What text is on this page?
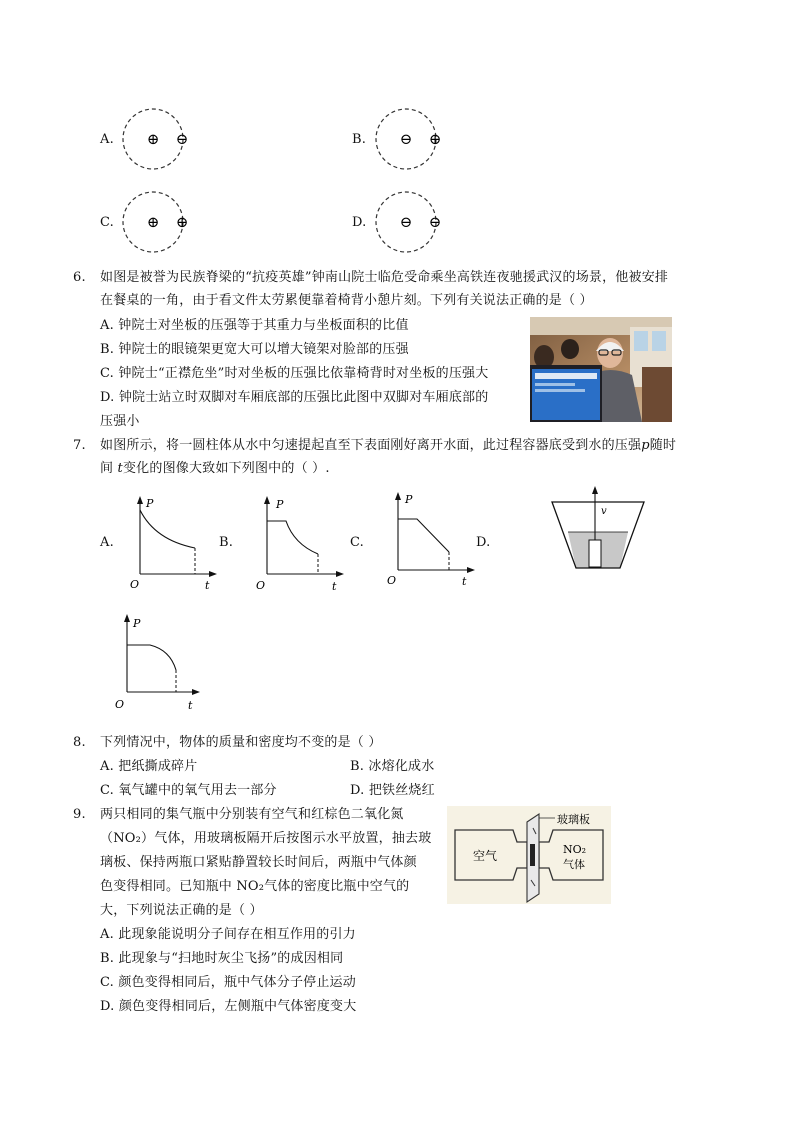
A. ⊕ ⊖	B. ⊖ ⊕
C. ⊕ ⊕	D. ⊖ ⊖
6. 如图是被誉为民族脊梁的“抗疫英雄”钟南山院士临危受命乘坐高铁连夜驰援武汉的场景，他被安排
在餐桌的一角，由于看文件太劳累便靠着椅背小憩片刻。下列有关说法正确的是（ ）
A. 钟院士对坐板的压强等于其重力与坐板面积的比值
B. 钟院士的眼镜架更宽大可以增大镜架对脸部的压强
C. 钟院士“正襟危坐”时对坐板的压强比依靠椅背时对坐板的压强大
D. 钟院士站立时双脚对车厢底部的压强比此图中双脚对车厢底部的
压强小
7. 如图所示，将一圆柱体从水中匀速提起直至下表面刚好离开水面，此过程容器底受到水的压强p随时
间 t变化的图像大致如下列图中的（ ）.
A.	B.	C.	D.
P
O	t
P
O	t
P
O	t
v
P
O	t
8. 下列情况中，物体的质量和密度均不变的是（ ）
A. 把纸撕成碎片	B. 冰熔化成水
C. 氧气罐中的氧气用去一部分	D. 把铁丝烧红
9. 两只相同的集气瓶中分别装有空气和红棕色二氧化氮
（NO₂）气体，用玻璃板隔开后按图示水平放置，抽去玻
璃板、保持两瓶口紧贴静置较长时间后，两瓶中气体颜
色变得相同。已知瓶中 NO₂气体的密度比瓶中空气的
大，下列说法正确的是（ ）
A. 此现象能说明分子间存在相互作用的引力
B. 此现象与“扫地时灰尘飞扬”的成因相同
C. 颜色变得相同后，瓶中气体分子停止运动
D. 颜色变得相同后，左侧瓶中气体密度变大
玻璃板
空气	NO₂
气体
